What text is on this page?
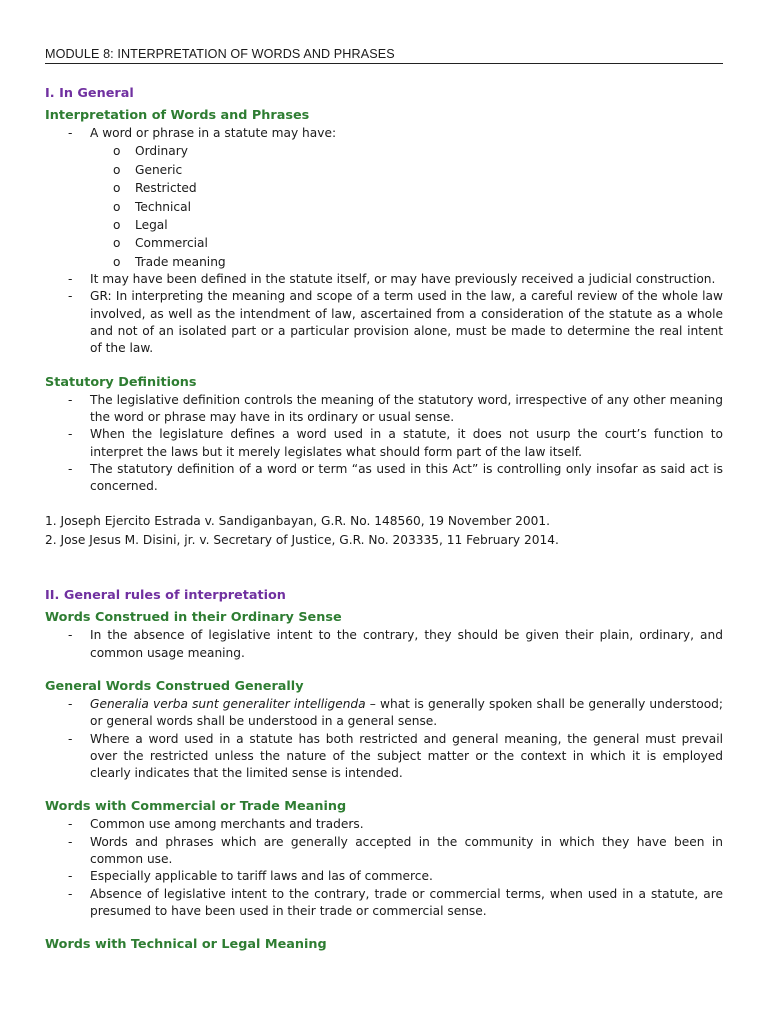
MODULE 8: INTERPRETATION OF WORDS AND PHRASES

I. In General

Interpretation of Words and Phrases

- A word or phrase in a statute may have:
o Ordinary
o Generic
o Restricted
o Technical
o Legal
o Commercial
o Trade meaning
- It may have been defined in the statute itself, or may have previously received a judicial construction.
- GR: In interpreting the meaning and scope of a term used in the law, a careful review of the whole law involved, as well as the intendment of law, ascertained from a consideration of the statute as a whole and not of an isolated part or a particular provision alone, must be made to determine the real intent of the law.

Statutory Definitions

- The legislative definition controls the meaning of the statutory word, irrespective of any other meaning the word or phrase may have in its ordinary or usual sense.
- When the legislature defines a word used in a statute, it does not usurp the court’s function to interpret the laws but it merely legislates what should form part of the law itself.
- The statutory definition of a word or term “as used in this Act” is controlling only insofar as said act is concerned.

1. Joseph Ejercito Estrada v. Sandiganbayan, G.R. No. 148560, 19 November 2001.

2. Jose Jesus M. Disini, jr. v. Secretary of Justice, G.R. No. 203335, 11 February 2014.

II. General rules of interpretation

Words Construed in their Ordinary Sense

- In the absence of legislative intent to the contrary, they should be given their plain, ordinary, and common usage meaning.

General Words Construed Generally

- Generalia verba sunt generaliter intelligenda – what is generally spoken shall be generally understood; or general words shall be understood in a general sense.
- Where a word used in a statute has both restricted and general meaning, the general must prevail over the restricted unless the nature of the subject matter or the context in which it is employed clearly indicates that the limited sense is intended.

Words with Commercial or Trade Meaning

- Common use among merchants and traders.
- Words and phrases which are generally accepted in the community in which they have been in common use.
- Especially applicable to tariff laws and las of commerce.
- Absence of legislative intent to the contrary, trade or commercial terms, when used in a statute, are presumed to have been used in their trade or commercial sense.

Words with Technical or Legal Meaning
